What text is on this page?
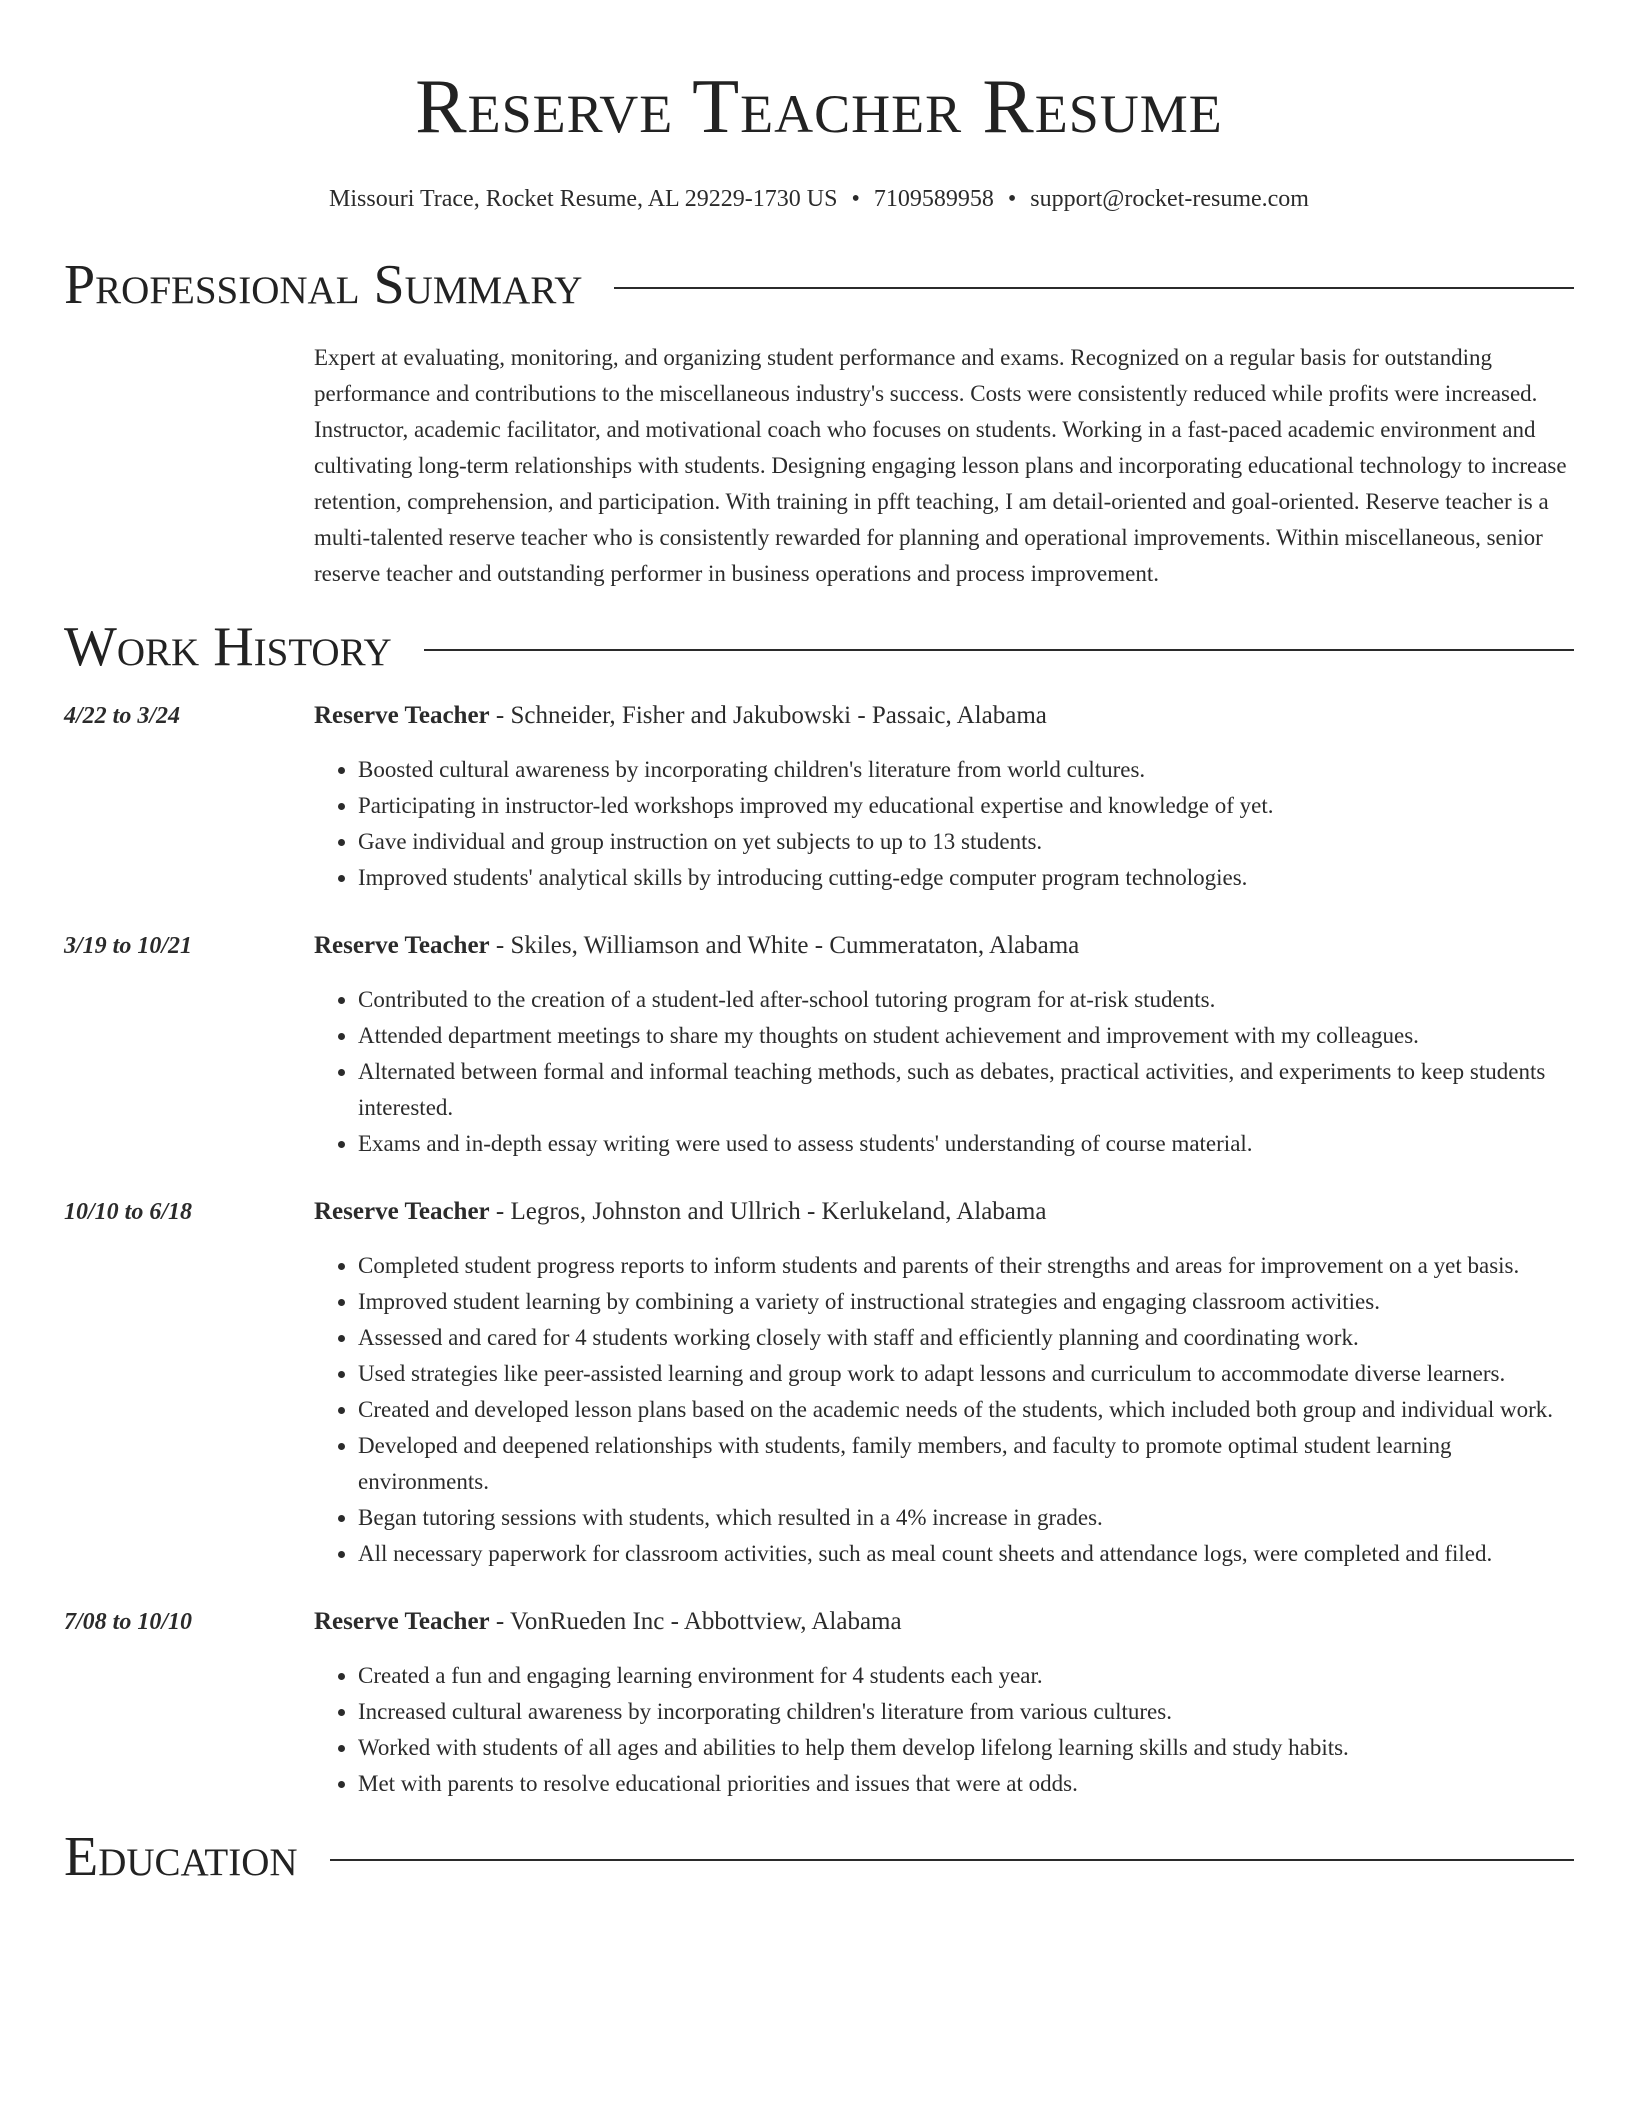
Reserve Teacher Resume
Missouri Trace, Rocket Resume, AL 29229-1730 US • 7109589958 • support@rocket-resume.com
Professional Summary
Expert at evaluating, monitoring, and organizing student performance and exams. Recognized on a regular basis for outstanding performance and contributions to the miscellaneous industry's success. Costs were consistently reduced while profits were increased. Instructor, academic facilitator, and motivational coach who focuses on students. Working in a fast-paced academic environment and cultivating long-term relationships with students. Designing engaging lesson plans and incorporating educational technology to increase retention, comprehension, and participation. With training in pfft teaching, I am detail-oriented and goal-oriented. Reserve teacher is a multi-talented reserve teacher who is consistently rewarded for planning and operational improvements. Within miscellaneous, senior reserve teacher and outstanding performer in business operations and process improvement.
Work History
4/22 to 3/24	Reserve Teacher - Schneider, Fisher and Jakubowski - Passaic, Alabama
• Boosted cultural awareness by incorporating children's literature from world cultures.
• Participating in instructor-led workshops improved my educational expertise and knowledge of yet.
• Gave individual and group instruction on yet subjects to up to 13 students.
• Improved students' analytical skills by introducing cutting-edge computer program technologies.
3/19 to 10/21	Reserve Teacher - Skiles, Williamson and White - Cummerataton, Alabama
• Contributed to the creation of a student-led after-school tutoring program for at-risk students.
• Attended department meetings to share my thoughts on student achievement and improvement with my colleagues.
• Alternated between formal and informal teaching methods, such as debates, practical activities, and experiments to keep students interested.
• Exams and in-depth essay writing were used to assess students' understanding of course material.
10/10 to 6/18	Reserve Teacher - Legros, Johnston and Ullrich - Kerlukeland, Alabama
• Completed student progress reports to inform students and parents of their strengths and areas for improvement on a yet basis.
• Improved student learning by combining a variety of instructional strategies and engaging classroom activities.
• Assessed and cared for 4 students working closely with staff and efficiently planning and coordinating work.
• Used strategies like peer-assisted learning and group work to adapt lessons and curriculum to accommodate diverse learners.
• Created and developed lesson plans based on the academic needs of the students, which included both group and individual work.
• Developed and deepened relationships with students, family members, and faculty to promote optimal student learning environments.
• Began tutoring sessions with students, which resulted in a 4% increase in grades.
• All necessary paperwork for classroom activities, such as meal count sheets and attendance logs, were completed and filed.
7/08 to 10/10	Reserve Teacher - VonRueden Inc - Abbottview, Alabama
• Created a fun and engaging learning environment for 4 students each year.
• Increased cultural awareness by incorporating children's literature from various cultures.
• Worked with students of all ages and abilities to help them develop lifelong learning skills and study habits.
• Met with parents to resolve educational priorities and issues that were at odds.
Education
